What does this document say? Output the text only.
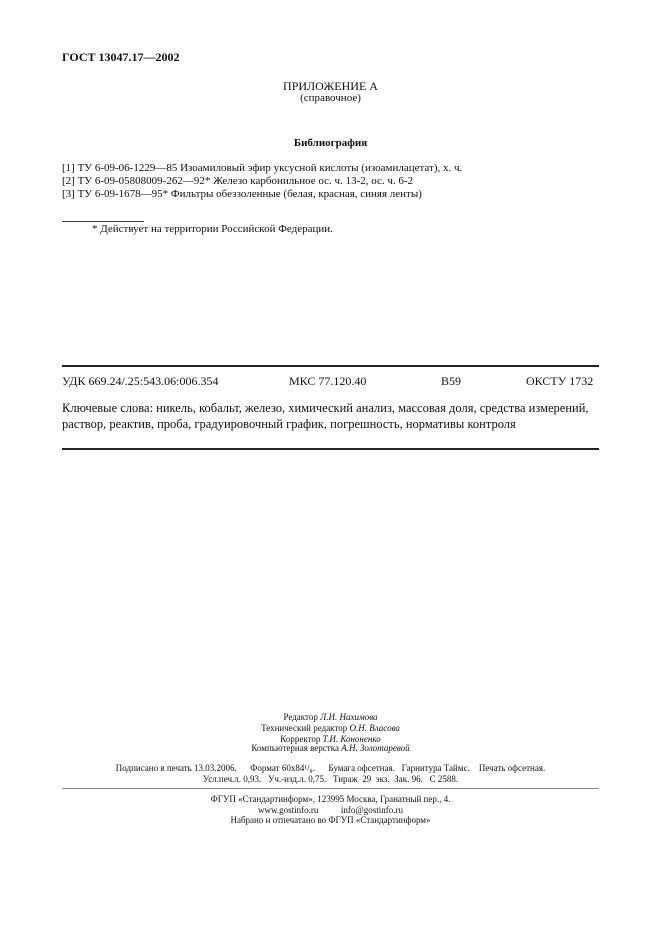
ГОСТ 13047.17—2002
ПРИЛОЖЕНИЕ А
(справочное)
Библиография
[1] ТУ 6-09-06-1229—85 Изоамиловый эфир уксусной кислоты (изоамилацетат), х. ч.
[2] ТУ 6-09-05808009-262—92* Железо карбонильное ос. ч. 13-2, ос. ч. 6-2
[3] ТУ 6-09-1678—95* Фильтры обеззоленные (белая, красная, синяя ленты)
* Действует на территории Российской Федерации.
УДК 669.24/.25:543.06:006.354	МКС 77.120.40	В59	ОКСТУ 1732
Ключевые слова: никель, кобальт, железо, химический анализ, массовая доля, средства измерений, раствор, реактив, проба, градуировочный график, погрешность, нормативы контроля
Редактор Л.И. Нахимова
Технический редактор О.Н. Власова
Корректор Т.И. Кононенко
Компьютерная верстка А.Н. Золотаревой
Подписано в печать 13.03.2006.      Формат 60x84¹/₈.      Бумага офсетная.   Гарнитура Таймс.    Печать офсетная.
Усл.печ.л. 0,93.   Уч.-изд.л. 0,75.   Тираж  29  экз.  Зак. 96.   С 2588.
ФГУП «Стандартинформ», 123995 Москва, Гранатный пер., 4.
www.gostinfo.ru          info@gostinfo.ru
Набрано и отпечатано во ФГУП «Стандартинформ»
